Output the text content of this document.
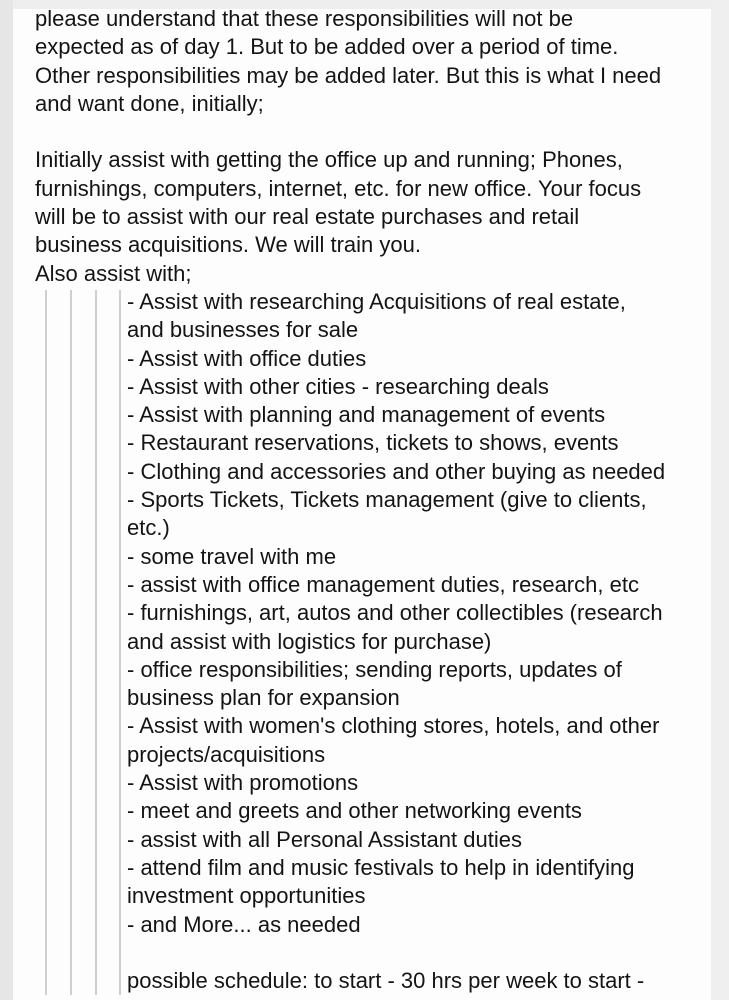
please understand that these responsibilities will not be
expected as of day 1. But to be added over a period of time.
Other responsibilities may be added later. But this is what I need
and want done, initially;
Initially assist with getting the office up and running; Phones,
furnishings, computers, internet, etc. for new office. Your focus
will be to assist with our real estate purchases and retail
business acquisitions. We will train you.
Also assist with;
- Assist with researching Acquisitions of real estate,
and businesses for sale
- Assist with office duties
- Assist with other cities - researching deals
- Assist with planning and management of events
- Restaurant reservations, tickets to shows, events
- Clothing and accessories and other buying as needed
- Sports Tickets, Tickets management (give to clients,
etc.)
- some travel with me
- assist with office management duties, research, etc
- furnishings, art, autos and other collectibles (research
and assist with logistics for purchase)
- office responsibilities; sending reports, updates of
business plan for expansion
- Assist with women's clothing stores, hotels, and other
projects/acquisitions
- Assist with promotions
- meet and greets and other networking events
- assist with all Personal Assistant duties
- attend film and music festivals to help in identifying
investment opportunities
- and More... as needed
possible schedule: to start - 30 hrs per week to start -
